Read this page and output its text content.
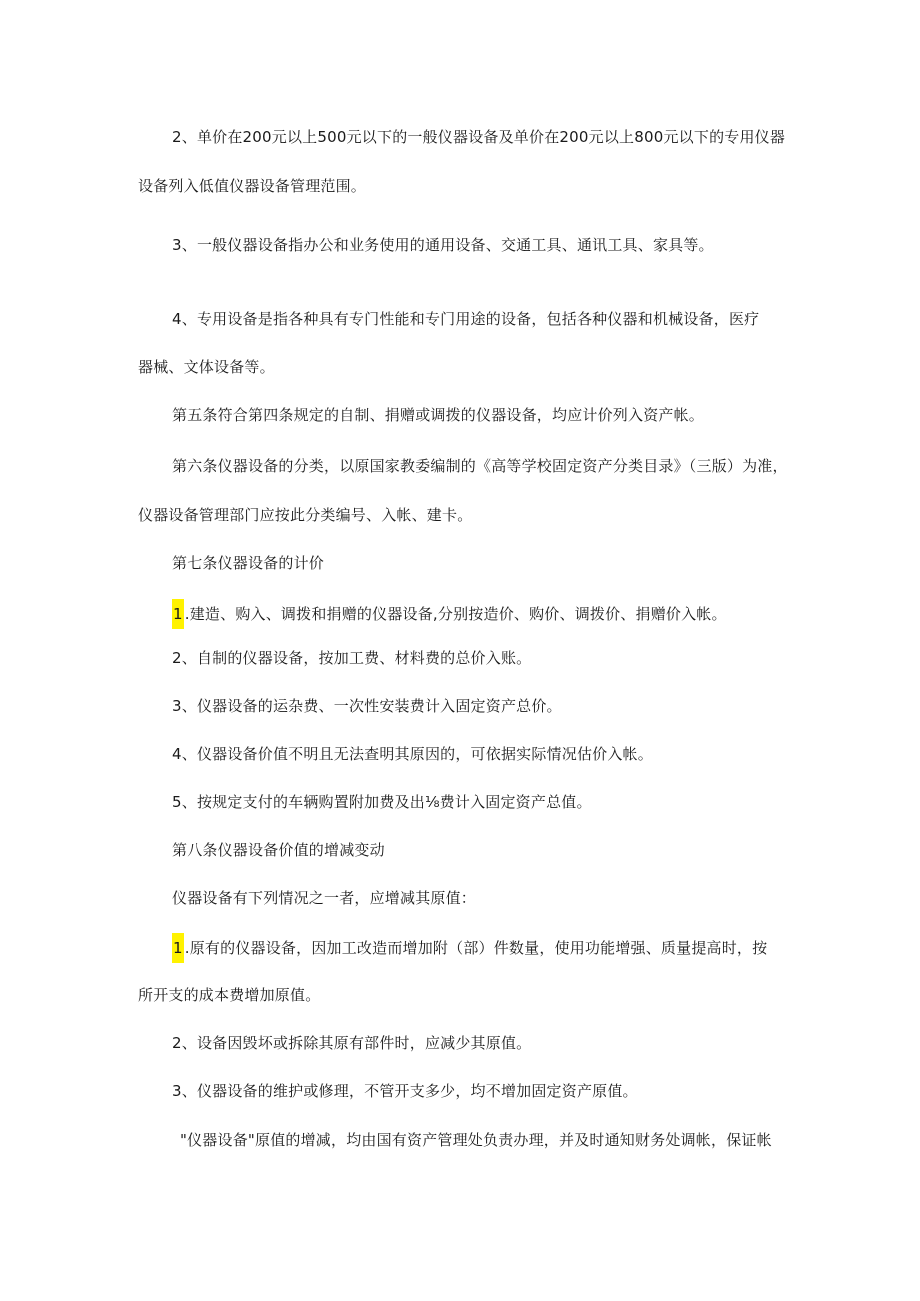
2、单价在200元以上500元以下的一般仪器设备及单价在200元以上800元以下的专用仪器
设备列入低值仪器设备管理范围。
3、一般仪器设备指办公和业务使用的通用设备、交通工具、通讯工具、家具等。
4、专用设备是指各种具有专门性能和专门用途的设备，包括各种仪器和机械设备，医疗
器械、文体设备等。
第五条符合第四条规定的自制、捐赠或调拨的仪器设备，均应计价列入资产帐。
第六条仪器设备的分类，以原国家教委编制的《高等学校固定资产分类目录》（三版）为准，
仪器设备管理部门应按此分类编号、入帐、建卡。
第七条仪器设备的计价
1 .建造、购入、调拨和捐赠的仪器设备,分别按造价、购价、调拨价、捐赠价入帐。
2、自制的仪器设备，按加工费、材料费的总价入账。
3、仪器设备的运杂费、一次性安装费计入固定资产总价。
4、仪器设备价值不明且无法查明其原因的，可依据实际情况估价入帐。
5、按规定支付的车辆购置附加费及出⅛费计入固定资产总值。
第八条仪器设备价值的增减变动
仪器设备有下列情况之一者，应增减其原值：
1 .原有的仪器设备，因加工改造而增加附（部）件数量，使用功能增强、质量提高时，按
所开支的成本费增加原值。
2、设备因毁坏或拆除其原有部件时，应减少其原值。
3、仪器设备的维护或修理，不管开支多少，均不增加固定资产原值。
"仪器设备"原值的增减，均由国有资产管理处负责办理，并及时通知财务处调帐，保证帐
